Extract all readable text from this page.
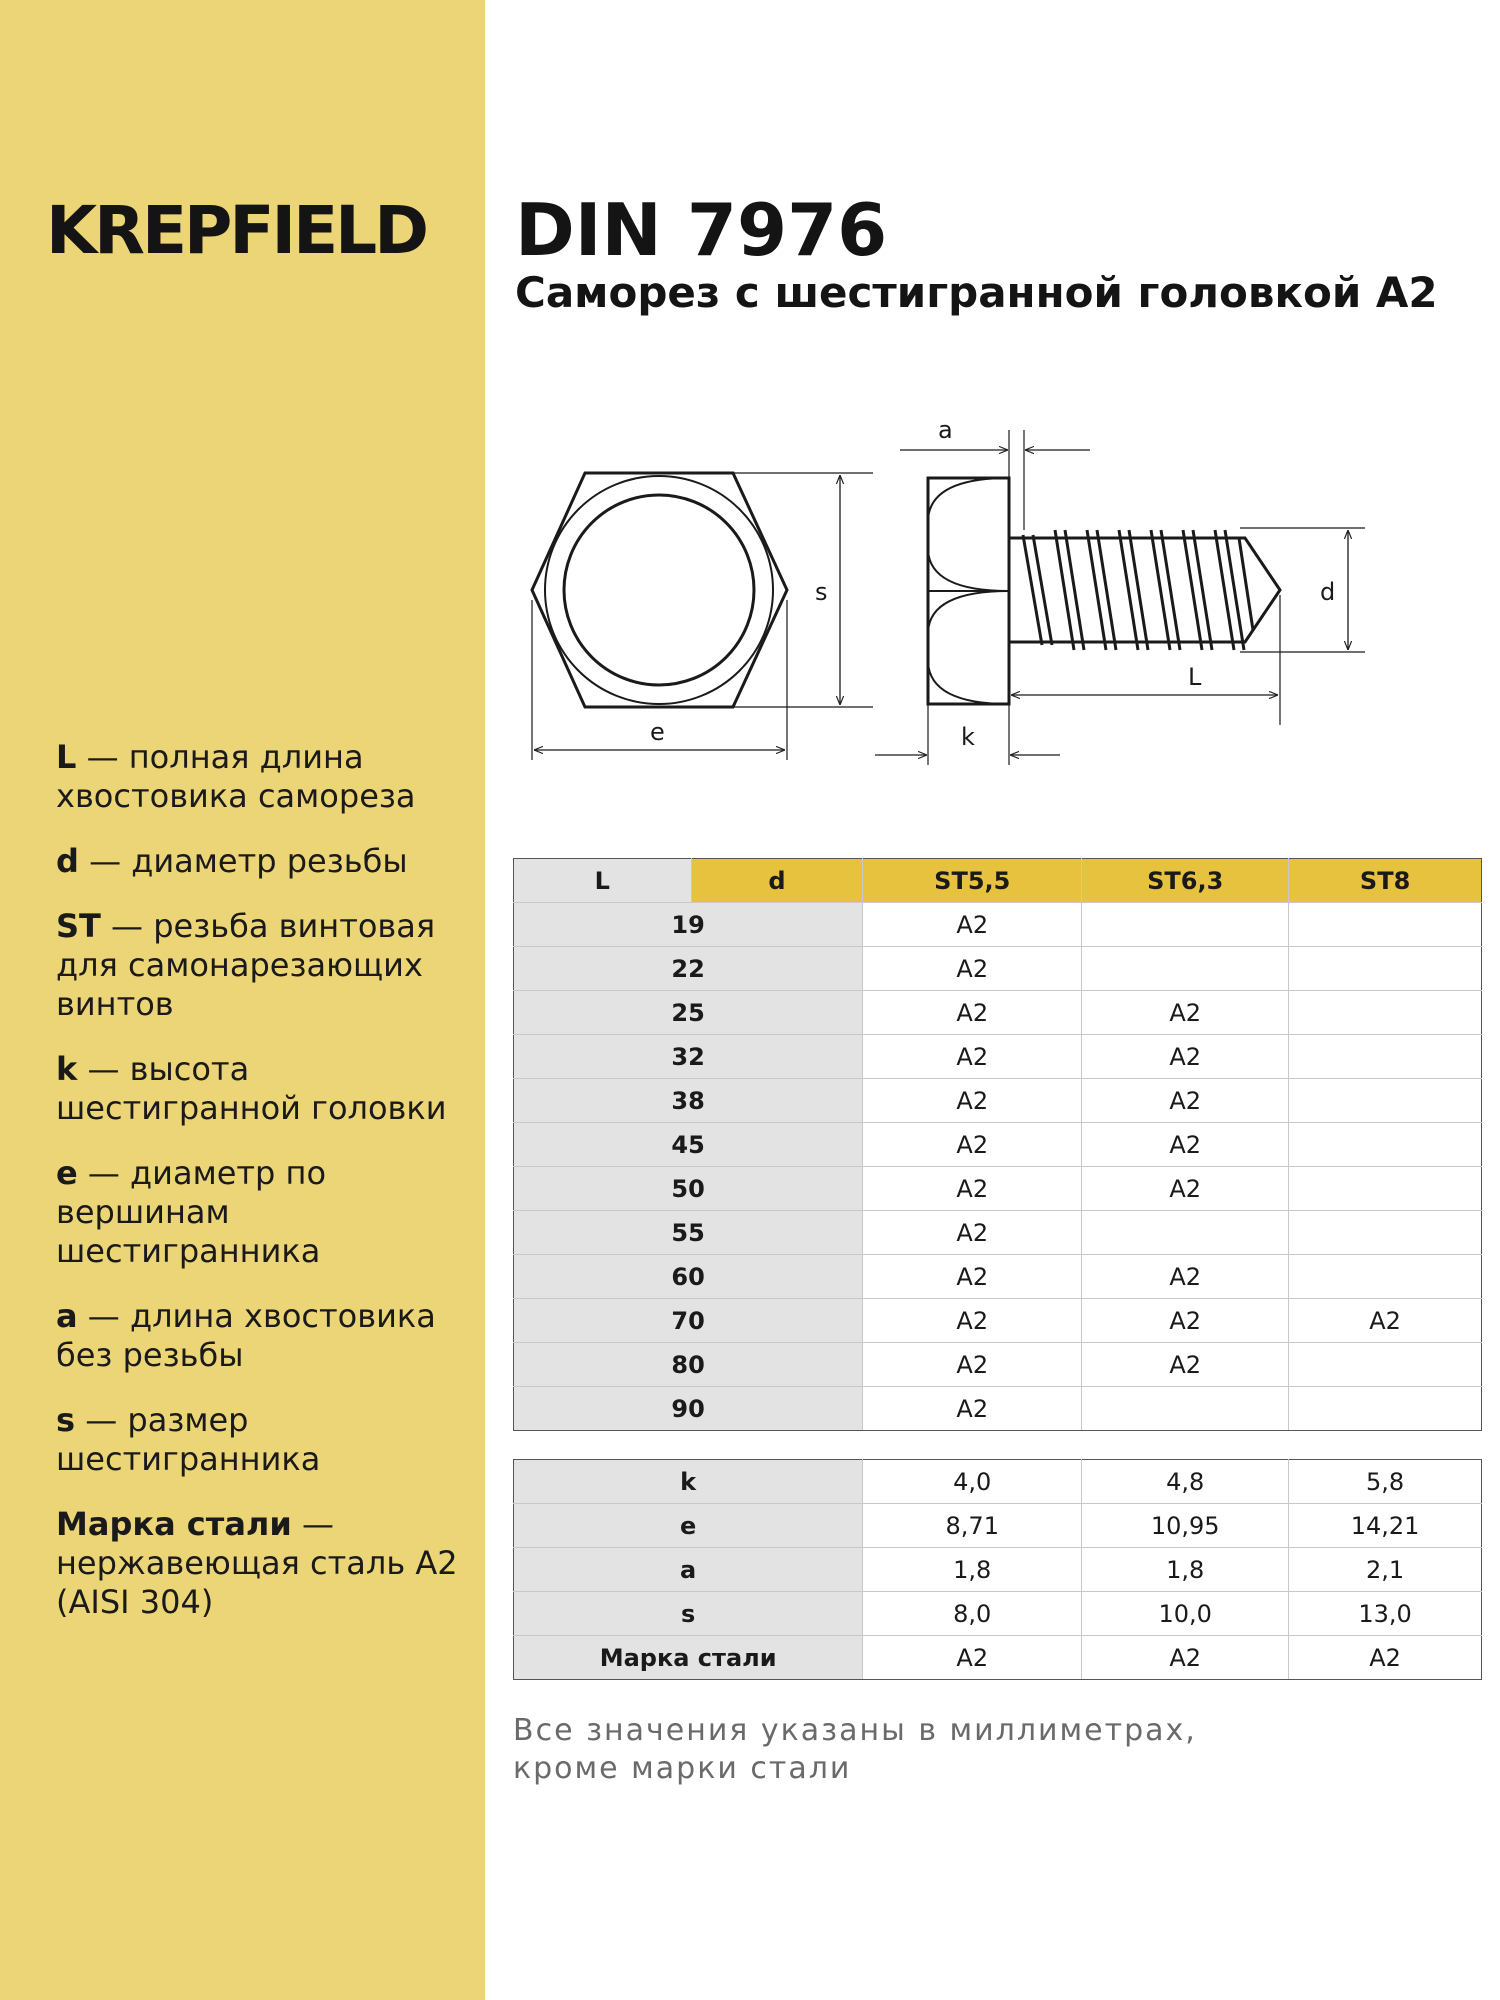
KREPFIELD
L — полная длина хвостовика самореза
d — диаметр резьбы
ST — резьба винтовая для самонарезающих винтов
k — высота шестигранной головки
e — диаметр по вершинам шестигранника
a — длина хвостовика без резьбы
s — размер шестигранника
Марка стали — нержавеющая сталь А2 (AISI 304)
DIN 7976
Саморез с шестигранной головкой А2
a
s	d
L
e	k
L	d	ST5,5	ST6,3	ST8
19		A2		
22		A2		
25		A2	A2	
32		A2	A2	
38		A2	A2	
45		A2	A2	
50		A2	A2	
55		A2		
60		A2	A2	
70		A2	A2	A2
80		A2	A2	
90		A2		
k	4,0	4,8	5,8
e	8,71	10,95	14,21
a	1,8	1,8	2,1
s	8,0	10,0	13,0
Марка стали	A2	A2	A2
Все значения указаны в миллиметрах,
кроме марки стали
